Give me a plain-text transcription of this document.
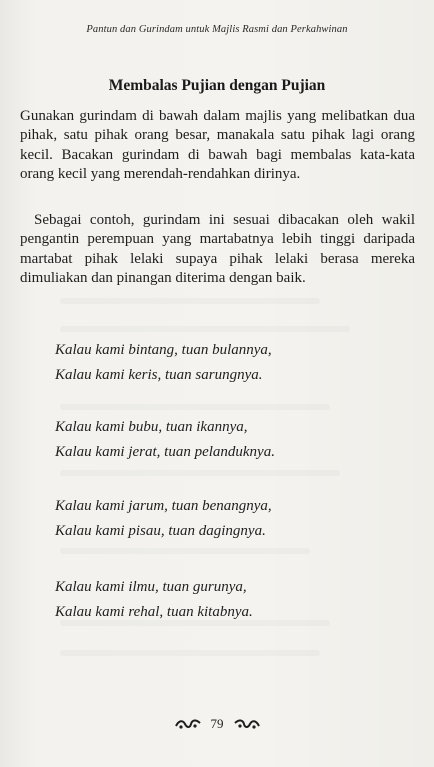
Pantun dan Gurindam untuk Majlis Rasmi dan Perkahwinan
Membalas Pujian dengan Pujian

Gunakan gurindam di bawah dalam majlis yang melibatkan dua pihak, satu pihak orang besar, manakala satu pihak lagi orang kecil. Bacakan gurindam di bawah bagi membalas kata-kata orang kecil yang merendah-rendahkan dirinya.

Sebagai contoh, gurindam ini sesuai dibacakan oleh wakil pengantin perempuan yang martabatnya lebih tinggi daripada martabat pihak lelaki supaya pihak lelaki berasa mereka dimuliakan dan pinangan diterima dengan baik.

Kalau kami bintang, tuan bulannya,
Kalau kami keris, tuan sarungnya.
Kalau kami bubu, tuan ikannya,
Kalau kami jerat, tuan pelanduknya.
Kalau kami jarum, tuan benangnya,
Kalau kami pisau, tuan dagingnya.
Kalau kami ilmu, tuan gurunya,
Kalau kami rehal, tuan kitabnya.
79
